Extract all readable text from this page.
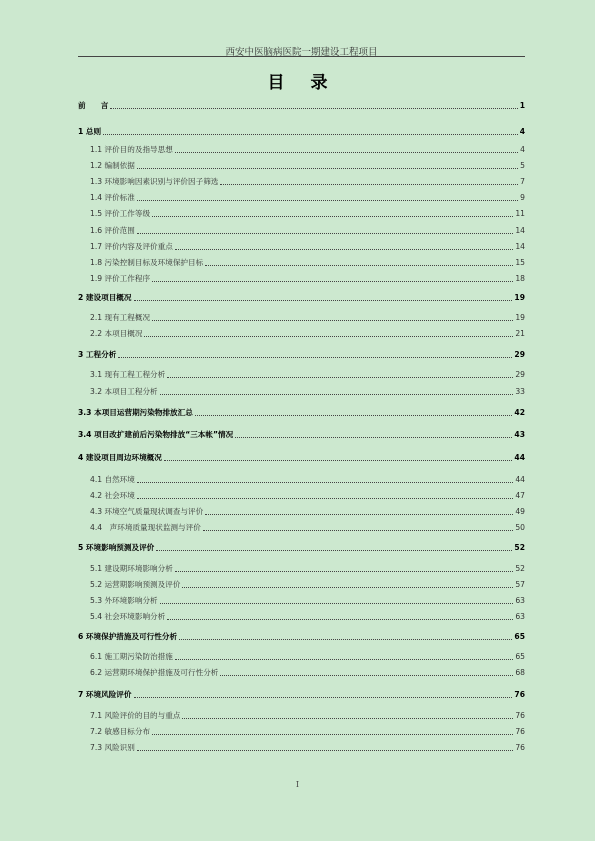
西安中医脑病医院一期建设工程项目
目录
前　　言	1
1 总则	4
1.1 评价目的及指导思想	4
1.2 编制依据	5
1.3 环境影响因素识别与评价因子筛选	7
1.4 评价标准	9
1.5 评价工作等级	11
1.6 评价范围	14
1.7 评价内容及评价重点	14
1.8 污染控制目标及环境保护目标	15
1.9 评价工作程序	18
2 建设项目概况	19
2.1 现有工程概况	19
2.2 本项目概况	21
3 工程分析	29
3.1 现有工程工程分析	29
3.2 本项目工程分析	33
3.3 本项目运营期污染物排放汇总	42
3.4 项目改扩建前后污染物排放“三本帐”情况	43
4 建设项目周边环境概况	44
4.1 自然环境	44
4.2 社会环境	47
4.3 环境空气质量现状调查与评价	49
4.4　声环境质量现状监测与评价	50
5 环境影响预测及评价	52
5.1 建设期环境影响分析	52
5.2 运营期影响预测及评价	57
5.3 外环境影响分析	63
5.4 社会环境影响分析	63
6 环境保护措施及可行性分析	65
6.1 施工期污染防治措施	65
6.2 运营期环境保护措施及可行性分析	68
7 环境风险评价	76
7.1 风险评价的目的与重点	76
7.2 敏感目标分布	76
7.3 风险识别	76
I
